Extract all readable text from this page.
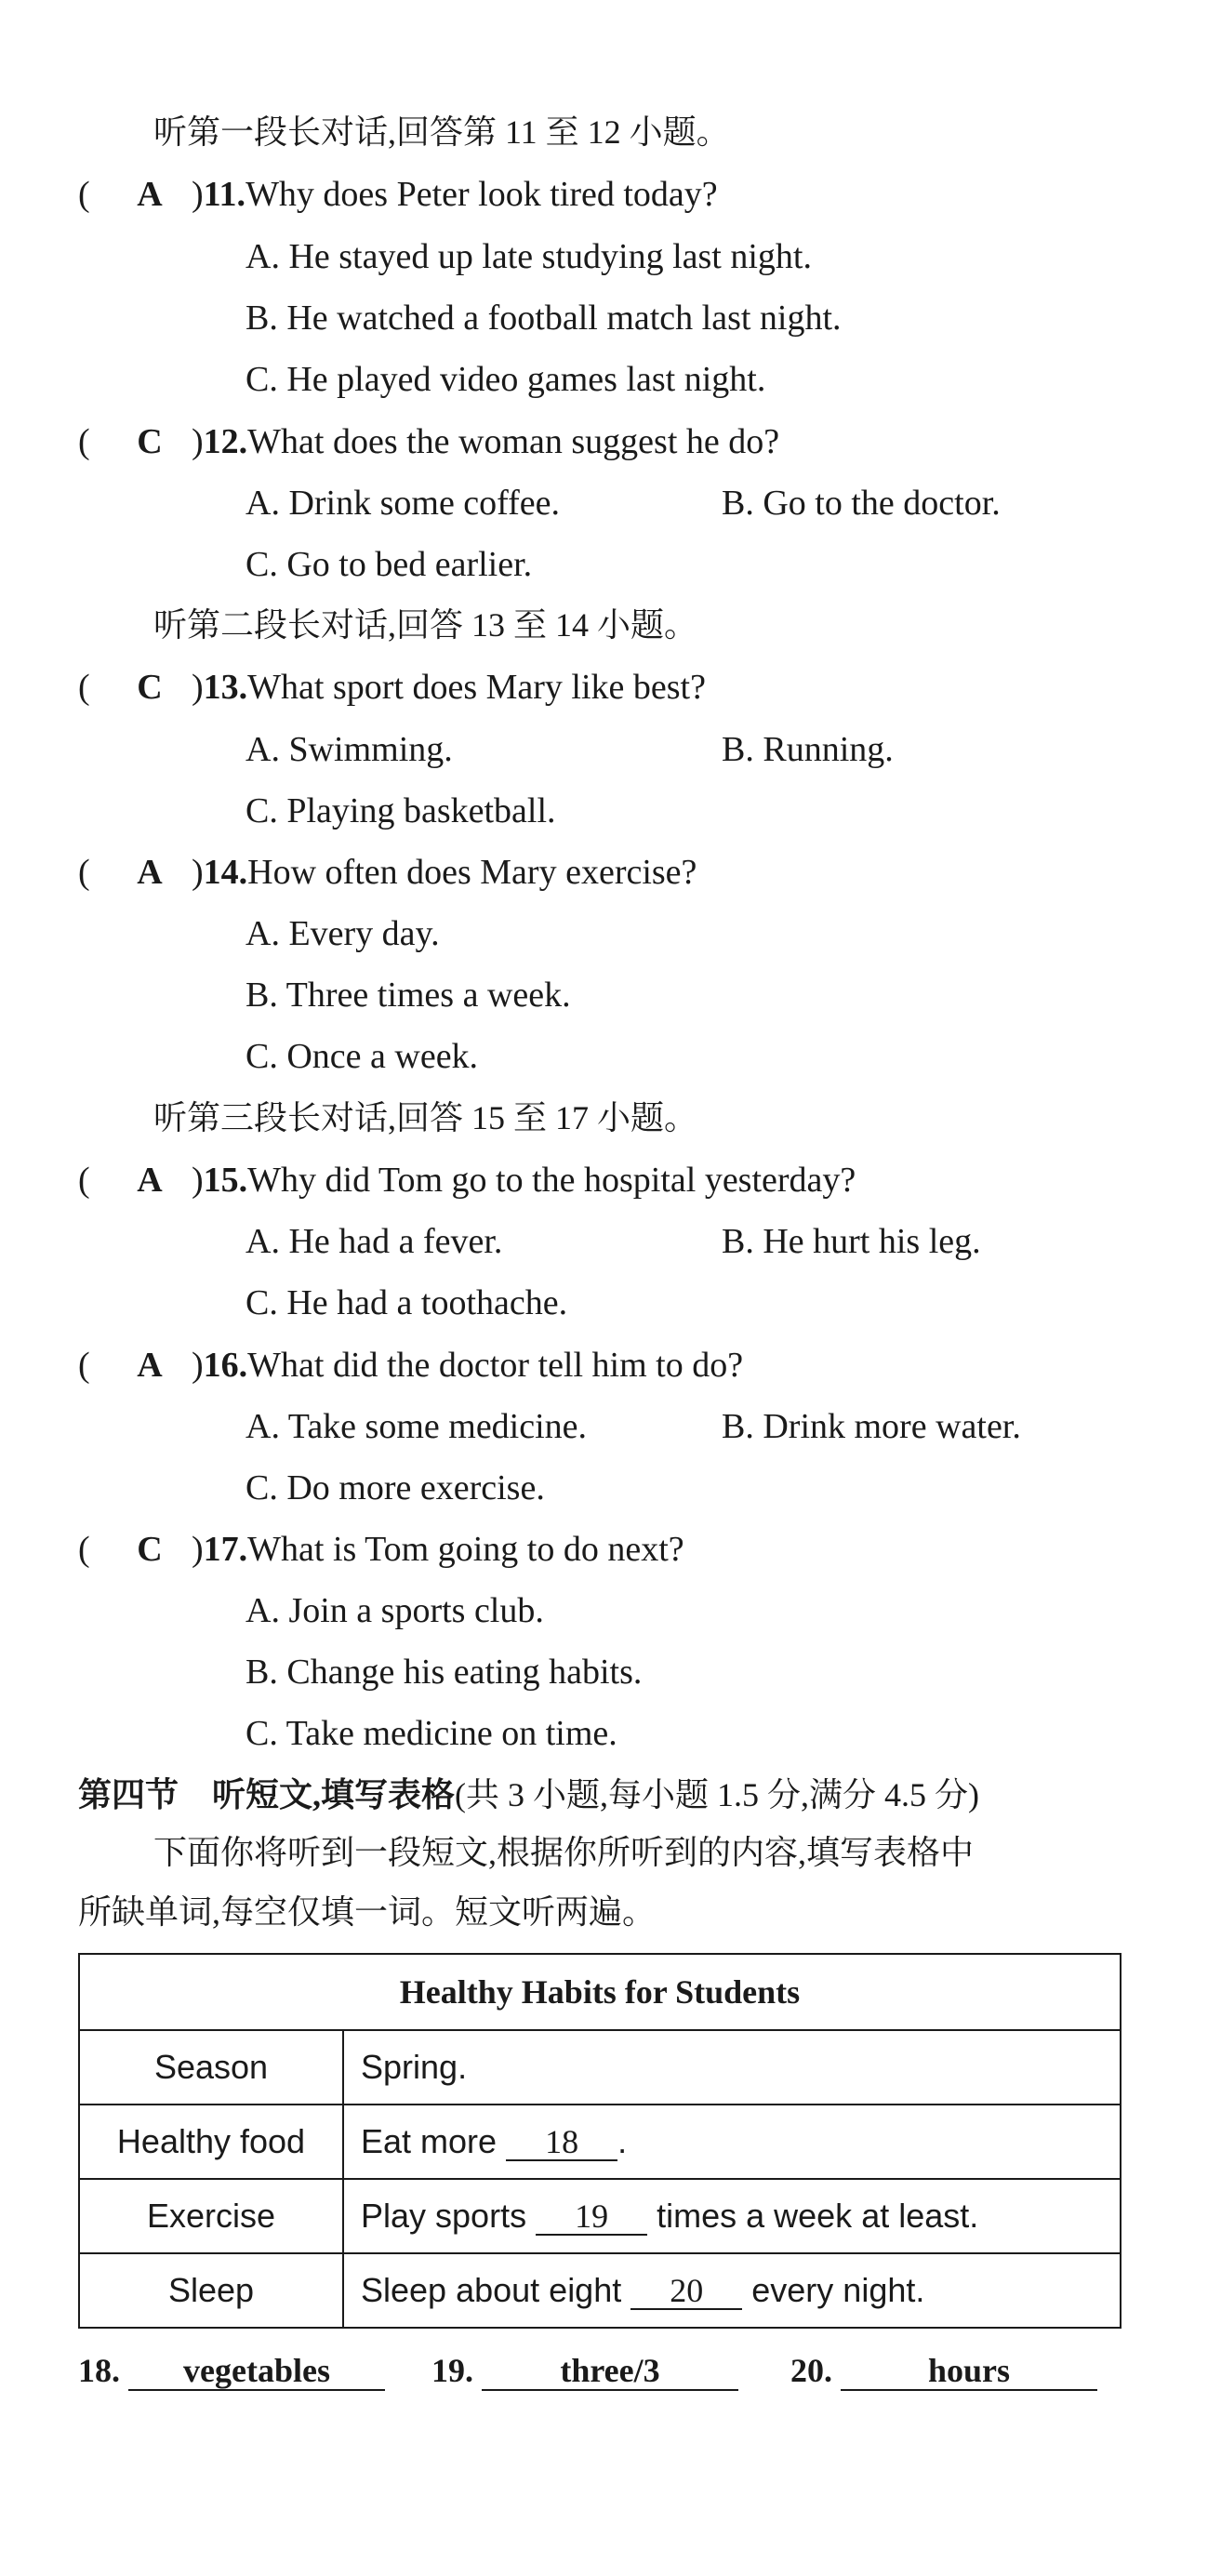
听第一段长对话,回答第 11 至 12 小题。
( A )11.Why does Peter look tired today?
A. He stayed up late studying last night.
B. He watched a football match last night.
C. He played video games last night.
( C )12.What does the woman suggest he do?
A. Drink some coffee.	B. Go to the doctor.
C. Go to bed earlier.
听第二段长对话,回答 13 至 14 小题。
( C )13.What sport does Mary like best?
A. Swimming.	B. Running.
C. Playing basketball.
( A )14.How often does Mary exercise?
A. Every day.
B. Three times a week.
C. Once a week.
听第三段长对话,回答 15 至 17 小题。
( A )15.Why did Tom go to the hospital yesterday?
A. He had a fever.	B. He hurt his leg.
C. He had a toothache.
( A )16.What did the doctor tell him to do?
A. Take some medicine.	B. Drink more water.
C. Do more exercise.
( C )17.What is Tom going to do next?
A. Join a sports club.
B. Change his eating habits.
C. Take medicine on time.
第四节　听短文,填写表格(共 3 小题,每小题 1.5 分,满分 4.5 分)
下面你将听到一段短文,根据你所听到的内容,填写表格中
所缺单词,每空仅填一词。短文听两遍。
Healthy Habits for Students	
Season	Spring.
Healthy food	Eat more 18 .
Exercise	Play sports 19 times a week at least.
Sleep	Sleep about eight 20 every night.
18. vegetables	19.	three/3	20.	hours
